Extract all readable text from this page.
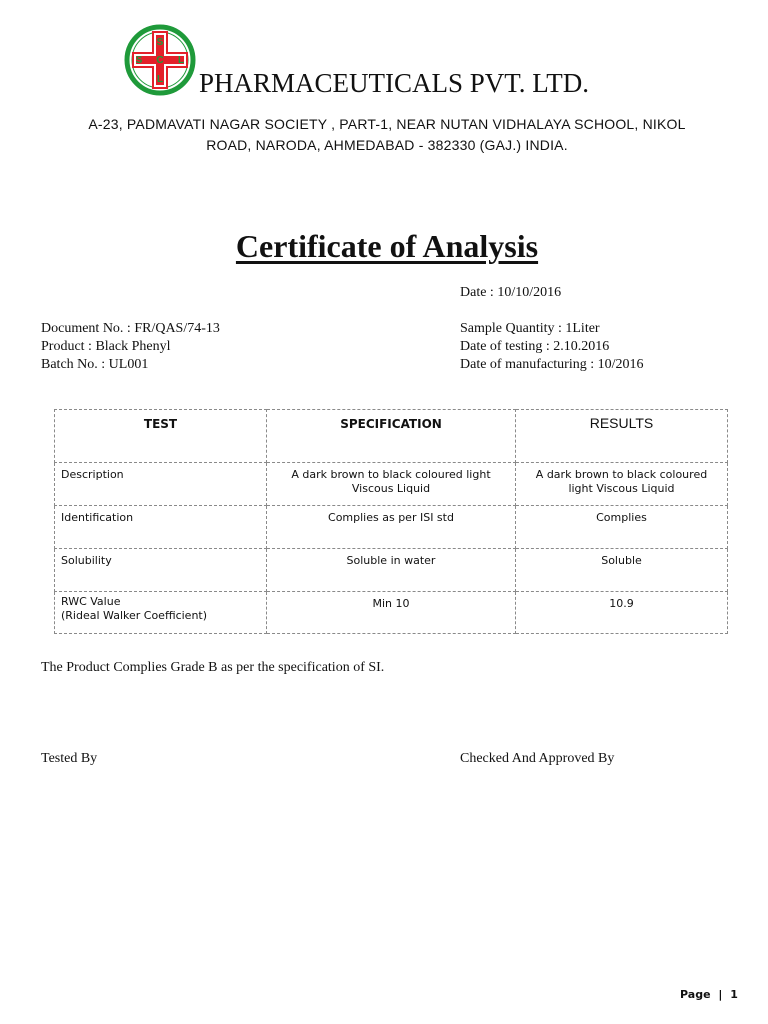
S
S C L
L PHARMACEUTICALS PVT. LTD.
A-23, PADMAVATI NAGAR SOCIETY , PART-1, NEAR NUTAN VIDHALAYA SCHOOL, NIKOL
ROAD, NARODA, AHMEDABAD - 382330 (GAJ.) INDIA.
Certificate of Analysis
Date : 10/10/2016
Document No. : FR/QAS/74-13
Product : Black Phenyl
Batch No. : UL001
Sample Quantity : 1Liter
Date of testing : 2.10.2016
Date of manufacturing : 10/2016
TEST	SPECIFICATION	RESULTS
Description	A dark brown to black coloured light Viscous Liquid	A dark brown to black coloured light Viscous Liquid
Identification	Complies as per ISI std	Complies
Solubility	Soluble in water	Soluble

RWC Value
(Rideal Walker Coefficient)	Min 10	10.9
The Product Complies Grade B as per the specification of SI.
Tested By	Checked And Approved By
Page | 1
